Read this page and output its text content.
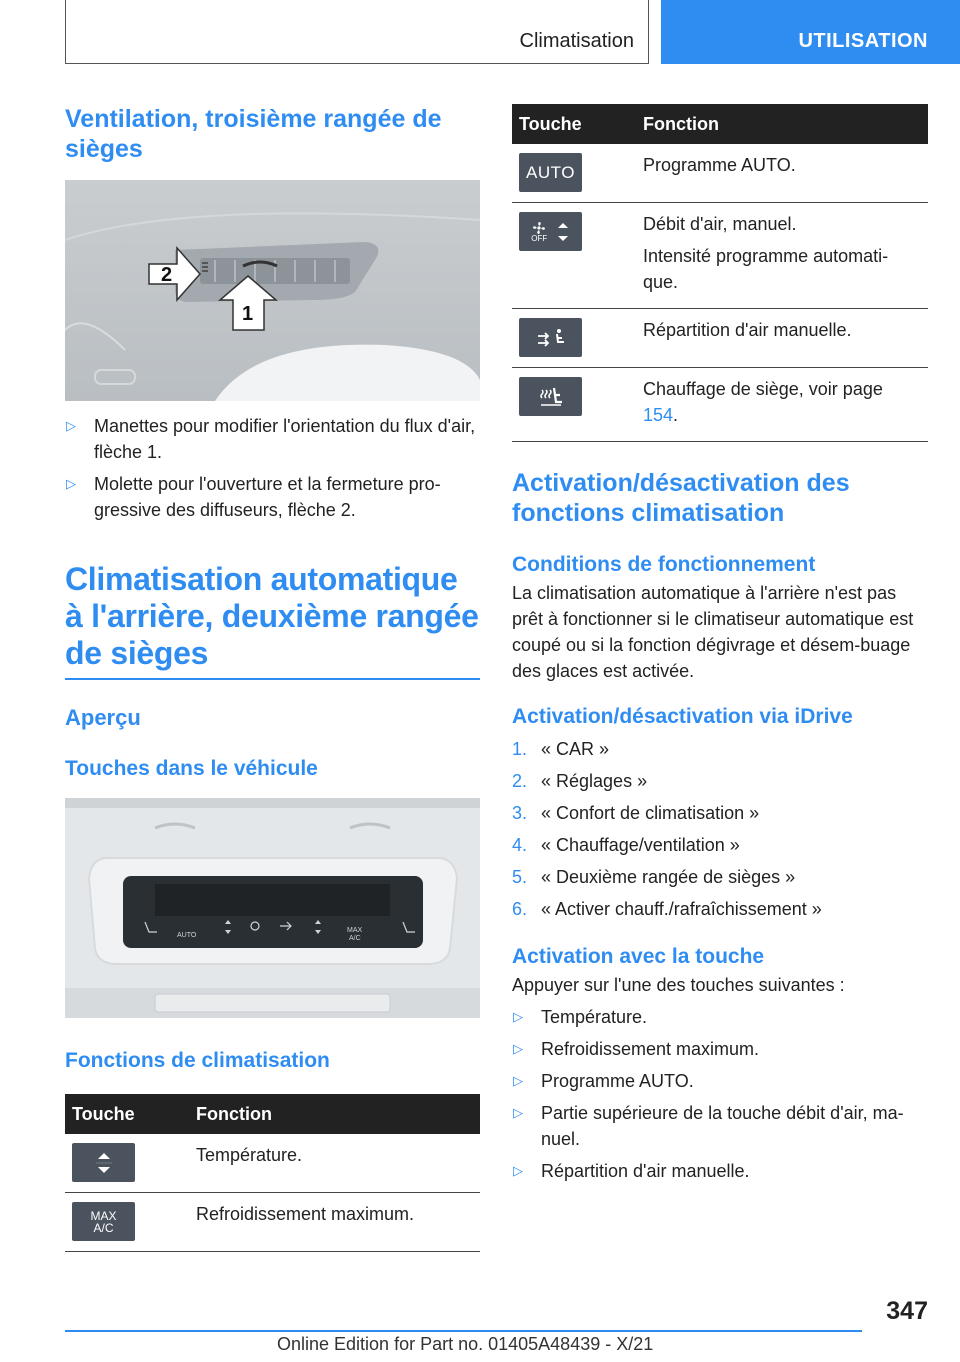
Climatisation	UTILISATION
Ventilation, troisième rangée de sièges
2
1
▷ Manettes pour modifier l'orientation du flux d'air, flèche 1.
▷ Molette pour l'ouverture et la fermeture pro-gressive des diffuseurs, flèche 2.
Climatisation automatique à l'arrière, deuxième rangée de sièges
Aperçu
Touches dans le véhicule
AUTO
MAX
A/C
Fonctions de climatisation
Touche	Fonction

	Température.

MAX
A/C	Refroidissement maximum.
Touche	Fonction

AUTO	Programme AUTO.

OFF	Débit d'air, manuel.
Intensité programme automati-que.

	Répartition d'air manuelle.

	Chauffage de siège, voir page 154.
Activation/désactivation des fonctions climatisation
Conditions de fonctionnement

La climatisation automatique à l'arrière n'est pas prêt à fonctionner si le climatiseur automatique est coupé ou si la fonction dégivrage et désem-buage des glaces est activée.

Activation/désactivation via iDrive
1. « CAR »
2. « Réglages »
3. « Confort de climatisation »
4. « Chauffage/ventilation »
5. « Deuxième rangée de sièges »
6. « Activer chauff./rafraîchissement »
Activation avec la touche

Appuyer sur l'une des touches suivantes :

▷ Température.
▷ Refroidissement maximum.
▷ Programme AUTO.
▷ Partie supérieure de la touche débit d'air, ma-nuel.
▷ Répartition d'air manuelle.
347
Online Edition for Part no. 01405A48439 - X/21
